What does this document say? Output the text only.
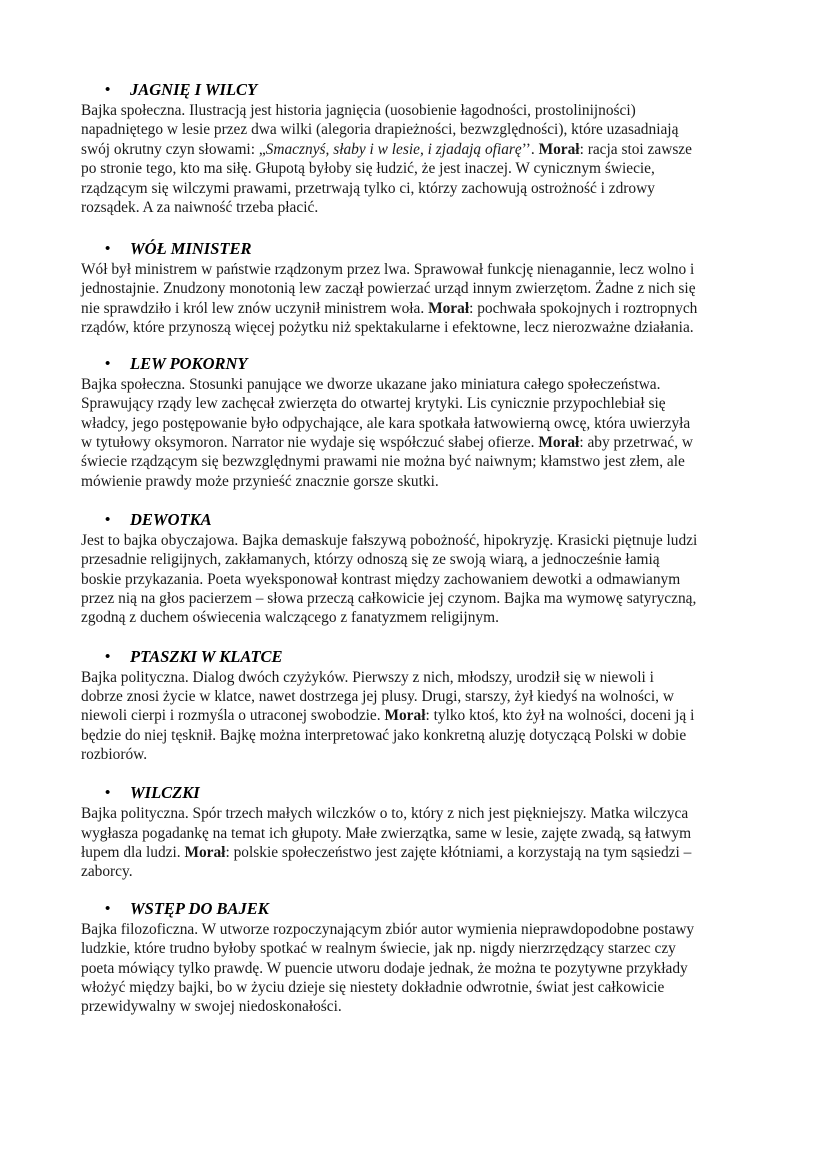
• JAGNIĘ I WILCY
Bajka społeczna. Ilustracją jest historia jagnięcia (uosobienie łagodności, prostolinijności)
napadniętego w lesie przez dwa wilki (alegoria drapieżności, bezwzględności), które uzasadniają
swój okrutny czyn słowami: „Smacznyś, słaby i w lesie, i zjadają ofiarę’’. Morał: racja stoi zawsze
po stronie tego, kto ma siłę. Głupotą byłoby się łudzić, że jest inaczej. W cynicznym świecie,
rządzącym się wilczymi prawami, przetrwają tylko ci, którzy zachowują ostrożność i zdrowy
rozsądek. A za naiwność trzeba płacić.
• WÓŁ MINISTER
Wół był ministrem w państwie rządzonym przez lwa. Sprawował funkcję nienagannie, lecz wolno i
jednostajnie. Znudzony monotonią lew zaczął powierzać urząd innym zwierzętom. Żadne z nich się
nie sprawdziło i król lew znów uczynił ministrem woła. Morał: pochwała spokojnych i roztropnych
rządów, które przynoszą więcej pożytku niż spektakularne i efektowne, lecz nierozważne działania.
• LEW POKORNY
Bajka społeczna. Stosunki panujące we dworze ukazane jako miniatura całego społeczeństwa.
Sprawujący rządy lew zachęcał zwierzęta do otwartej krytyki. Lis cynicznie przypochlebiał się
władcy, jego postępowanie było odpychające, ale kara spotkała łatwowierną owcę, która uwierzyła
w tytułowy oksymoron. Narrator nie wydaje się współczuć słabej ofierze. Morał: aby przetrwać, w
świecie rządzącym się bezwzględnymi prawami nie można być naiwnym; kłamstwo jest złem, ale
mówienie prawdy może przynieść znacznie gorsze skutki.
• DEWOTKA
Jest to bajka obyczajowa. Bajka demaskuje fałszywą pobożność, hipokryzję. Krasicki piętnuje ludzi
przesadnie religijnych, zakłamanych, którzy odnoszą się ze swoją wiarą, a jednocześnie łamią
boskie przykazania. Poeta wyeksponował kontrast między zachowaniem dewotki a odmawianym
przez nią na głos pacierzem – słowa przeczą całkowicie jej czynom. Bajka ma wymowę satyryczną,
zgodną z duchem oświecenia walczącego z fanatyzmem religijnym.
• PTASZKI W KLATCE
Bajka polityczna. Dialog dwóch czyżyków. Pierwszy z nich, młodszy, urodził się w niewoli i
dobrze znosi życie w klatce, nawet dostrzega jej plusy. Drugi, starszy, żył kiedyś na wolności, w
niewoli cierpi i rozmyśla o utraconej swobodzie. Morał: tylko ktoś, kto żył na wolności, doceni ją i
będzie do niej tęsknił. Bajkę można interpretować jako konkretną aluzję dotyczącą Polski w dobie
rozbiorów.
• WILCZKI
Bajka polityczna. Spór trzech małych wilczków o to, który z nich jest piękniejszy. Matka wilczyca
wygłasza pogadankę na temat ich głupoty. Małe zwierzątka, same w lesie, zajęte zwadą, są łatwym
łupem dla ludzi. Morał: polskie społeczeństwo jest zajęte kłótniami, a korzystają na tym sąsiedzi –
zaborcy.
• WSTĘP DO BAJEK
Bajka filozoficzna. W utworze rozpoczynającym zbiór autor wymienia nieprawdopodobne postawy
ludzkie, które trudno byłoby spotkać w realnym świecie, jak np. nigdy nierzrzędzący starzec czy
poeta mówiący tylko prawdę. W puencie utworu dodaje jednak, że można te pozytywne przykłady
włożyć między bajki, bo w życiu dzieje się niestety dokładnie odwrotnie, świat jest całkowicie
przewidywalny w swojej niedoskonałości.
